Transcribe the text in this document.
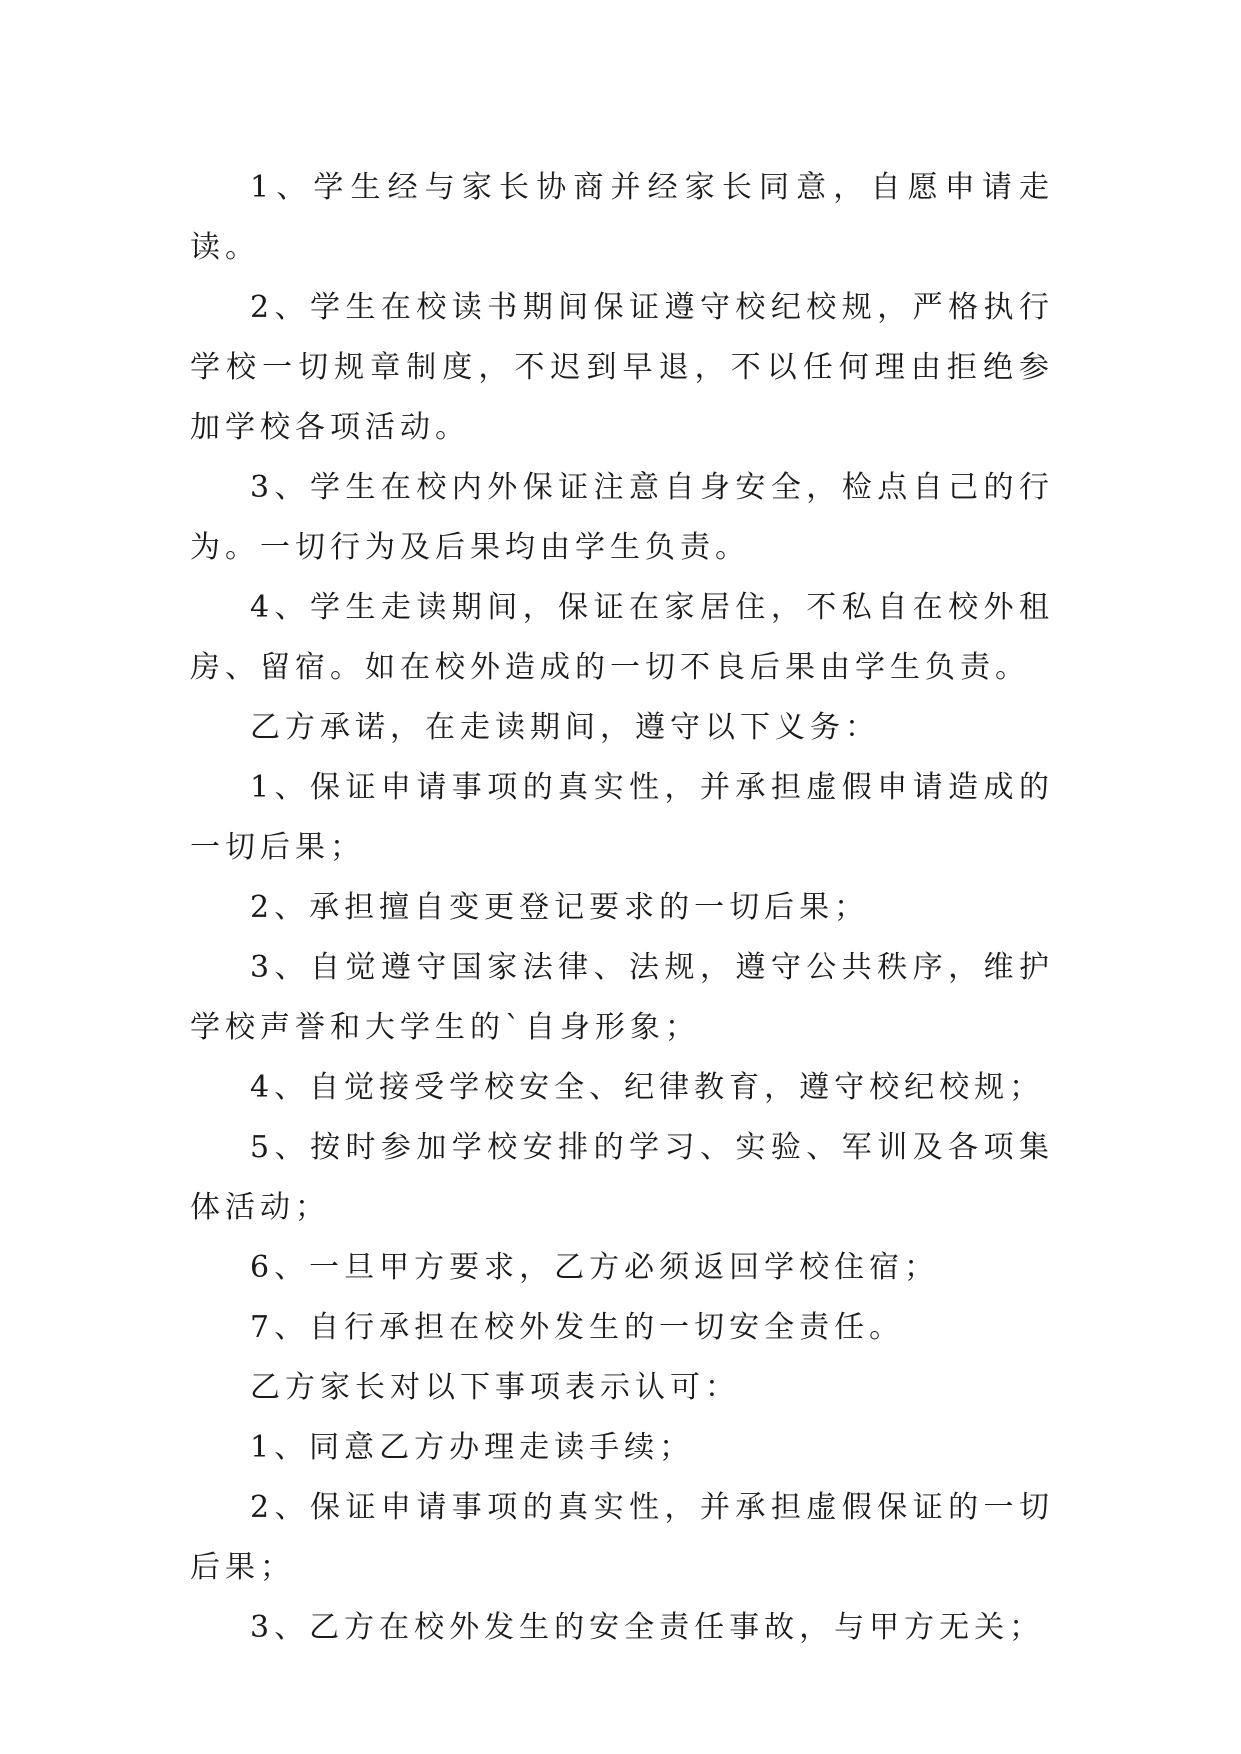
1、学生经与家长协商并经家长同意，自愿申请走读。

2、学生在校读书期间保证遵守校纪校规，严格执行学校一切规章制度，不迟到早退，不以任何理由拒绝参加学校各项活动。

3、学生在校内外保证注意自身安全，检点自己的行为。一切行为及后果均由学生负责。

4、学生走读期间，保证在家居住，不私自在校外租房、留宿。如在校外造成的一切不良后果由学生负责。

乙方承诺，在走读期间，遵守以下义务：

1、保证申请事项的真实性，并承担虚假申请造成的一切后果；

2、承担擅自变更登记要求的一切后果；

3、自觉遵守国家法律、法规，遵守公共秩序，维护学校声誉和大学生的`自身形象；

4、自觉接受学校安全、纪律教育，遵守校纪校规；

5、按时参加学校安排的学习、实验、军训及各项集体活动；

6、一旦甲方要求，乙方必须返回学校住宿；

7、自行承担在校外发生的一切安全责任。

乙方家长对以下事项表示认可：

1、同意乙方办理走读手续；

2、保证申请事项的真实性，并承担虚假保证的一切后果；

3、乙方在校外发生的安全责任事故，与甲方无关；
